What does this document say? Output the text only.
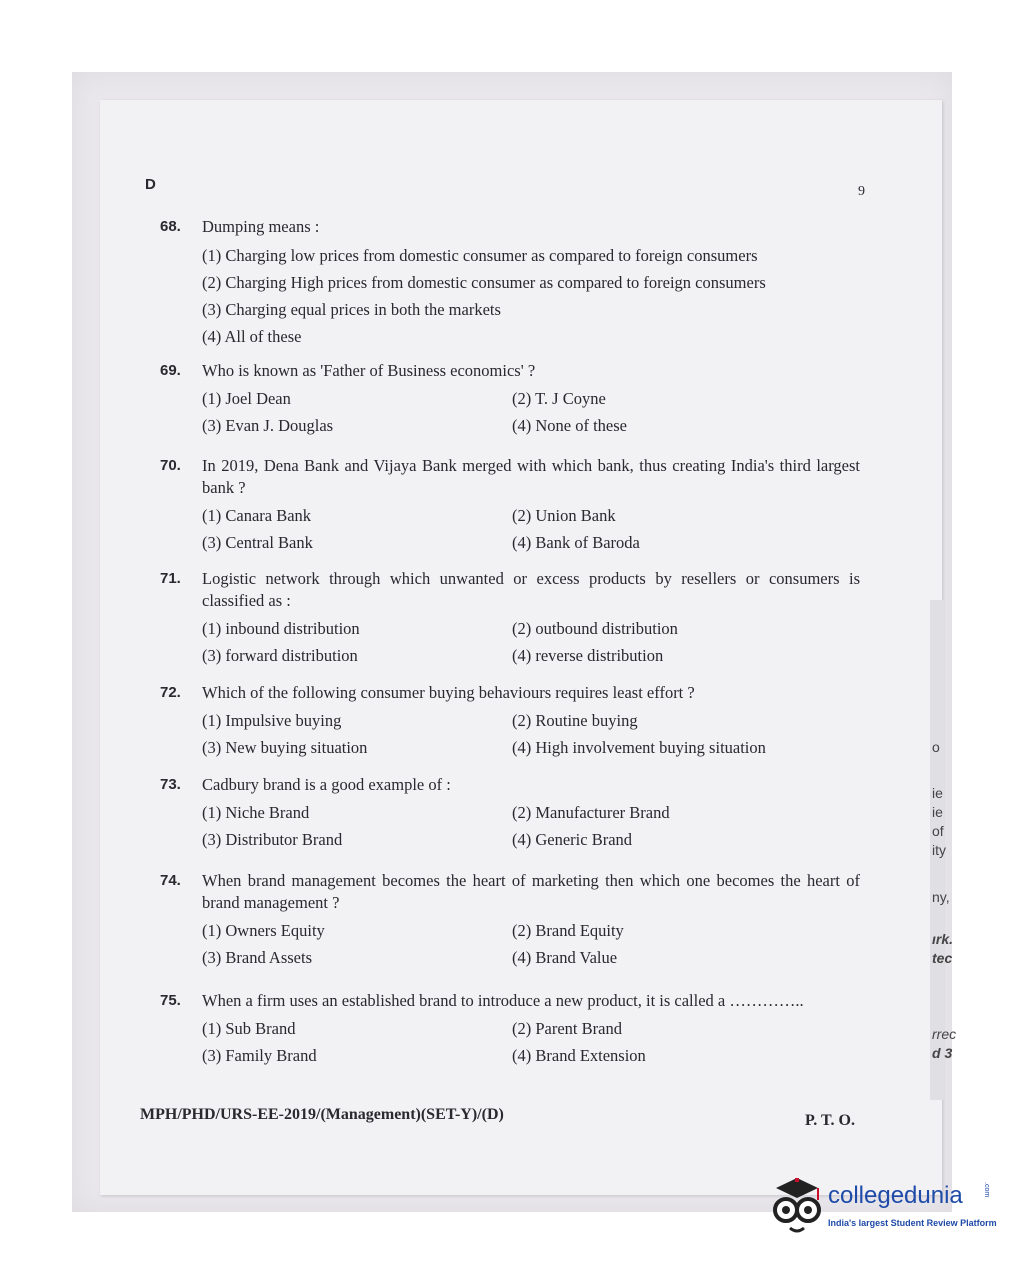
o
ie
ie
of
ity
ny,
ırk.
tec
rrec
d 3
D	9
68. Dumping means :
(1) Charging low prices from domestic consumer as compared to foreign consumers
(2) Charging High prices from domestic consumer as compared to foreign consumers
(3) Charging equal prices in both the markets
(4) All of these
69. Who is known as 'Father of Business economics' ?
(1) Joel Dean	(2) T. J Coyne
(3) Evan J. Douglas	(4) None of these
70. In 2019, Dena Bank and Vijaya Bank merged with which bank, thus creating India's third largest bank ?
(1) Canara Bank	(2) Union Bank
(3) Central Bank	(4) Bank of Baroda
71. Logistic network through which unwanted or excess products by resellers or consumers is classified as :
(1) inbound distribution	(2) outbound distribution
(3) forward distribution	(4) reverse distribution
72. Which of the following consumer buying behaviours requires least effort ?
(1) Impulsive buying	(2) Routine buying
(3) New buying situation	(4) High involvement buying situation
73. Cadbury brand is a good example of :
(1) Niche Brand	(2) Manufacturer Brand
(3) Distributor Brand	(4) Generic Brand
74. When brand management becomes the heart of marketing then which one becomes the heart of brand management ?
(1) Owners Equity	(2) Brand Equity
(3) Brand Assets	(4) Brand Value
75. When a firm uses an established brand to introduce a new product, it is called a …………..
(1) Sub Brand	(2) Parent Brand
(3) Family Brand	(4) Brand Extension
MPH/PHD/URS-EE-2019/(Management)(SET-Y)/(D)	P. T. O.
collegedunia	.com
India's largest Student Review Platform
